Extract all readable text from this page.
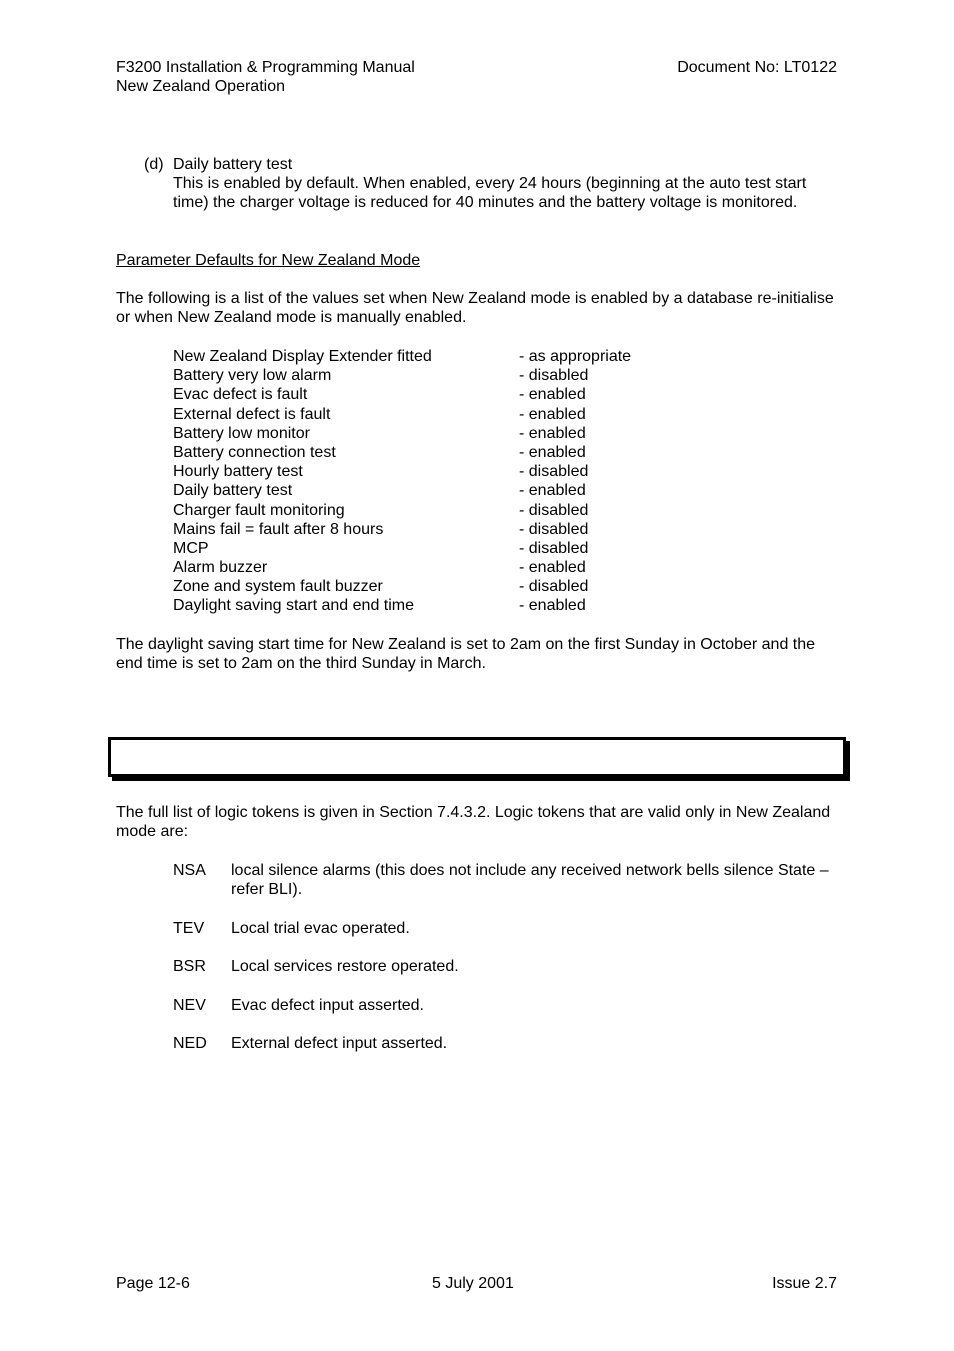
F3200 Installation & Programming Manual
New Zealand Operation
Document No: LT0122
(d) Daily battery test
This is enabled by default. When enabled, every 24 hours (beginning at the auto test start time) the charger voltage is reduced for 40 minutes and the battery voltage is monitored.
Parameter Defaults for New Zealand Mode
The following is a list of the values set when New Zealand mode is enabled by a database re-initialise or when New Zealand mode is manually enabled.
New Zealand Display Extender fitted	- as appropriate
Battery very low alarm	- disabled
Evac defect is fault	- enabled
External defect is fault	- enabled
Battery low monitor	- enabled
Battery connection test	- enabled
Hourly battery test	- disabled
Daily battery test	- enabled
Charger fault monitoring	- disabled
Mains fail = fault after 8 hours	- disabled
MCP	- disabled
Alarm buzzer	- enabled
Zone and system fault buzzer	- disabled
Daylight saving start and end time	- enabled
The daylight saving start time for New Zealand is set to 2am on the first Sunday in October and the end time is set to 2am on the third Sunday in March.
The full list of logic tokens is given in Section 7.4.3.2. Logic tokens that are valid only in New Zealand mode are:
NSA local silence alarms (this does not include any received network bells silence State – refer BLI).
TEV Local trial evac operated.
BSR Local services restore operated.
NEV Evac defect input asserted.
NED External defect input asserted.
Page 12-6	5 July 2001	Issue 2.7
